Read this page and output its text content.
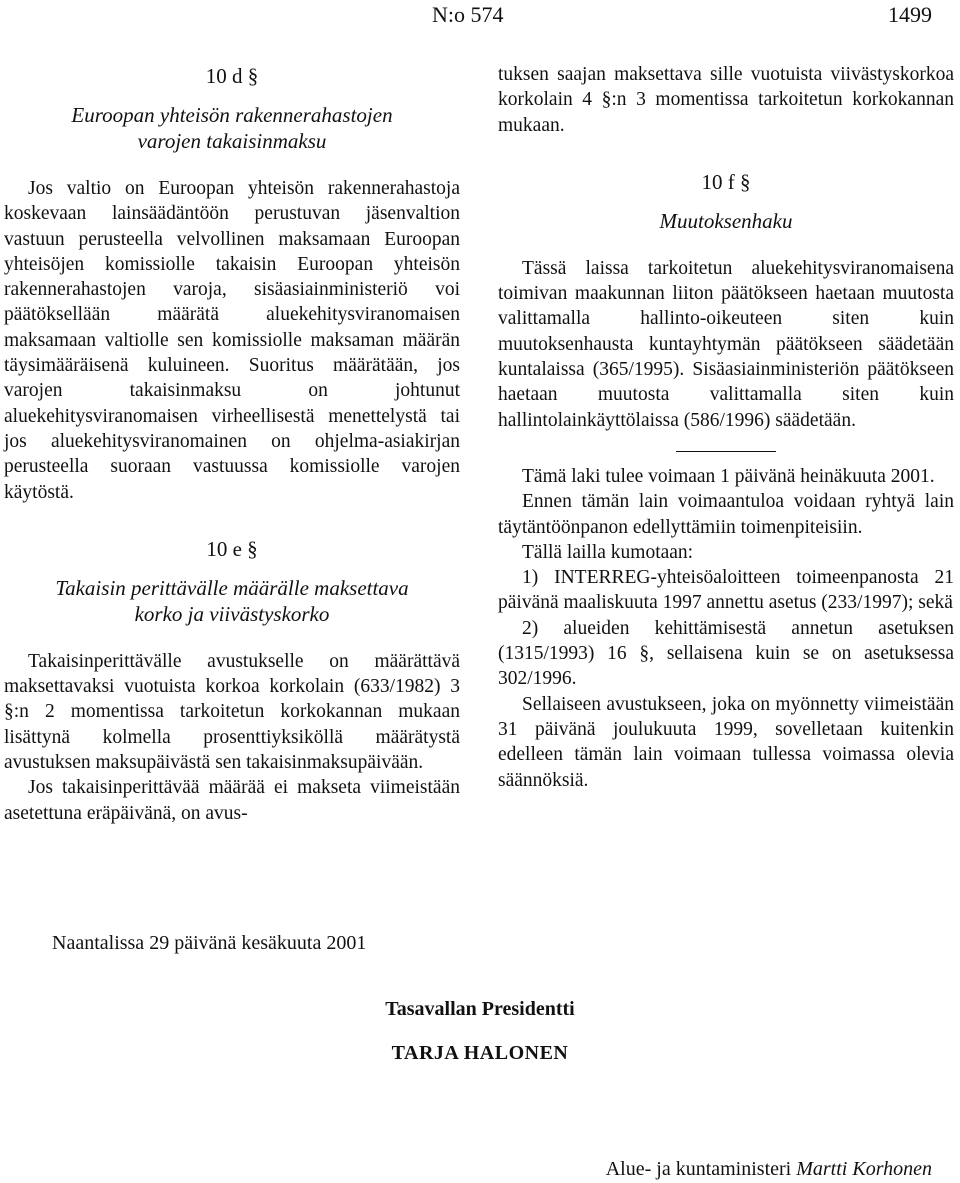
N:o 574	1499

10 d §

Euroopan yhteisön rakennerahastojen varojen takaisinmaksu

Jos valtio on Euroopan yhteisön rakennerahastoja koskevaan lainsäädäntöön perustuvan jäsenvaltion vastuun perusteella velvollinen maksamaan Euroopan yhteisöjen komissiolle takaisin Euroopan yhteisön rakennerahastojen varoja, sisäasiainministeriö voi päätöksellään määrätä aluekehitysviranomaisen maksamaan valtiolle sen komissiolle maksaman määrän täysimääräisenä kuluineen. Suoritus määrätään, jos varojen takaisinmaksu on johtunut aluekehitysviranomaisen virheellisestä menettelystä tai jos aluekehitysviranomainen on ohjelma-asiakirjan perusteella suoraan vastuussa komissiolle varojen käytöstä.

10 e §

Takaisin perittävälle määrälle maksettava korko ja viivästyskorko

Takaisinperittävälle avustukselle on määrättävä maksettavaksi vuotuista korkoa korkolain (633/1982) 3 §:n 2 momentissa tarkoitetun korkokannan mukaan lisättynä kolmella prosenttiyksiköllä määrätystä avustuksen maksupäivästä sen takaisinmaksupäivään.

Jos takaisinperittävää määrää ei makseta viimeistään asetettuna eräpäivänä, on avus-

tuksen saajan maksettava sille vuotuista viivästyskorkoa korkolain 4 §:n 3 momentissa tarkoitetun korkokannan mukaan.

10 f §

Muutoksenhaku

Tässä laissa tarkoitetun aluekehitysviranomaisena toimivan maakunnan liiton päätökseen haetaan muutosta valittamalla hallinto-oikeuteen siten kuin muutoksenhausta kuntayhtymän päätökseen säädetään kuntalaissa (365/1995). Sisäasiainministeriön päätökseen haetaan muutosta valittamalla siten kuin hallintolainkäyttölaissa (586/1996) säädetään.

Tämä laki tulee voimaan 1 päivänä heinäkuuta 2001.

Ennen tämän lain voimaantuloa voidaan ryhtyä lain täytäntöönpanon edellyttämiin toimenpiteisiin.

Tällä lailla kumotaan:

1) INTERREG-yhteisöaloitteen toimeenpanosta 21 päivänä maaliskuuta 1997 annettu asetus (233/1997); sekä

2) alueiden kehittämisestä annetun asetuksen (1315/1993) 16 §, sellaisena kuin se on asetuksessa 302/1996.

Sellaiseen avustukseen, joka on myönnetty viimeistään 31 päivänä joulukuuta 1999, sovelletaan kuitenkin edelleen tämän lain voimaan tullessa voimassa olevia säännöksiä.

Naantalissa 29 päivänä kesäkuuta 2001
Tasavallan Presidentti
TARJA HALONEN
Alue- ja kuntaministeri Martti Korhonen
